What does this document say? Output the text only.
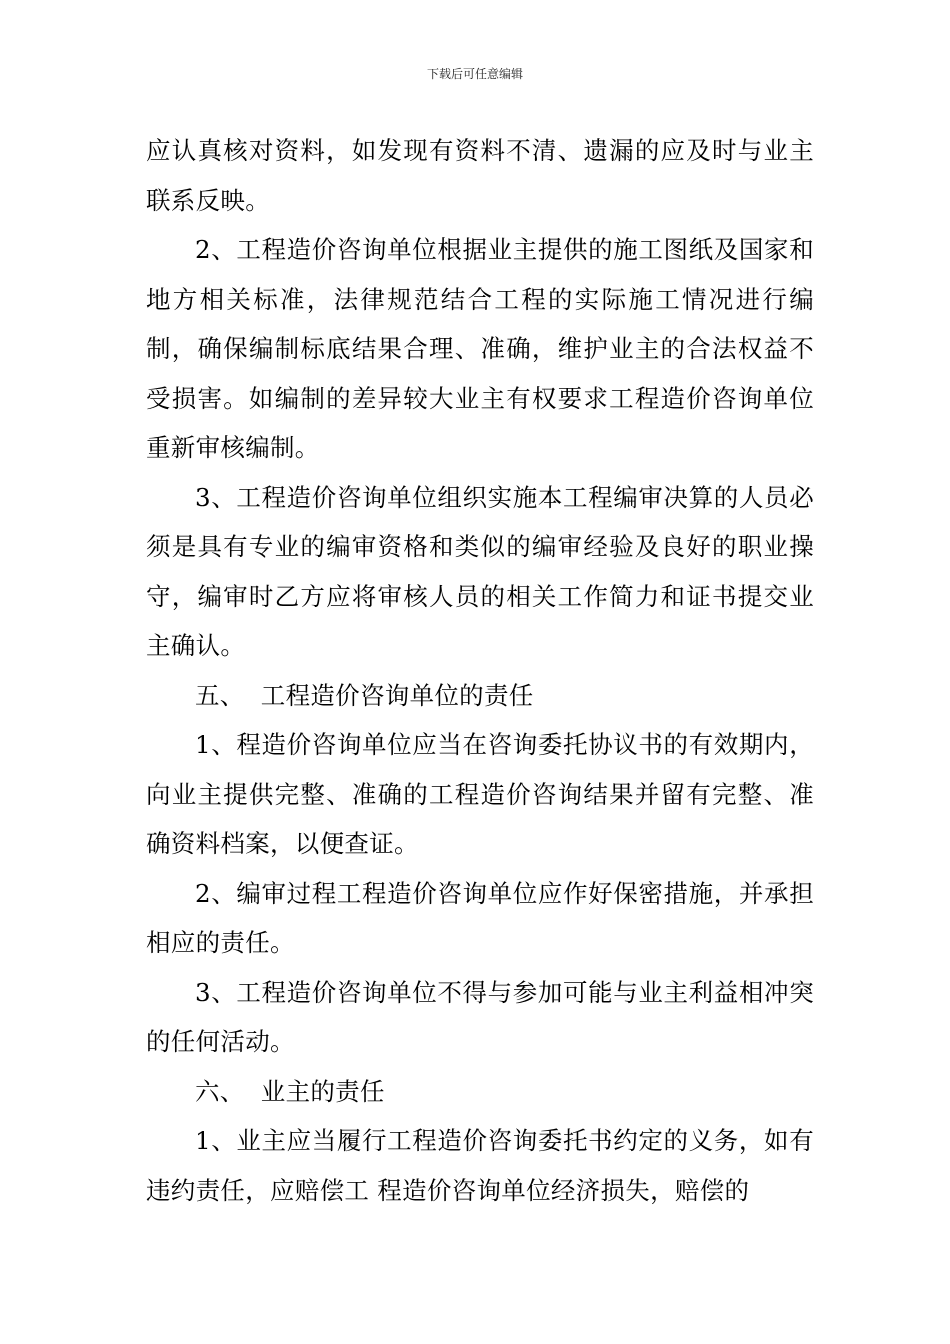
下载后可任意编辑

应认真核对资料，如发现有资料不清、遗漏的应及时与业主联系反映。

2、工程造价咨询单位根据业主提供的施工图纸及国家和地方相关标准，法律规范结合工程的实际施工情况进行编制，确保编制标底结果合理、准确，维护业主的合法权益不受损害。如编制的差异较大业主有权要求工程造价咨询单位重新审核编制。

3、工程造价咨询单位组织实施本工程编审决算的人员必须是具有专业的编审资格和类似的编审经验及良好的职业操守，编审时乙方应将审核人员的相关工作简力和证书提交业主确认。

五、  工程造价咨询单位的责任

1、程造价咨询单位应当在咨询委托协议书的有效期内，向业主提供完整、准确的工程造价咨询结果并留有完整、准确资料档案，以便查证。

2、编审过程工程造价咨询单位应作好保密措施，并承担相应的责任。

3、工程造价咨询单位不得与参加可能与业主利益相冲突的任何活动。

六、  业主的责任

1、业主应当履行工程造价咨询委托书约定的义务，如有违约责任，应赔偿工 程造价咨询单位经济损失，赔偿的
